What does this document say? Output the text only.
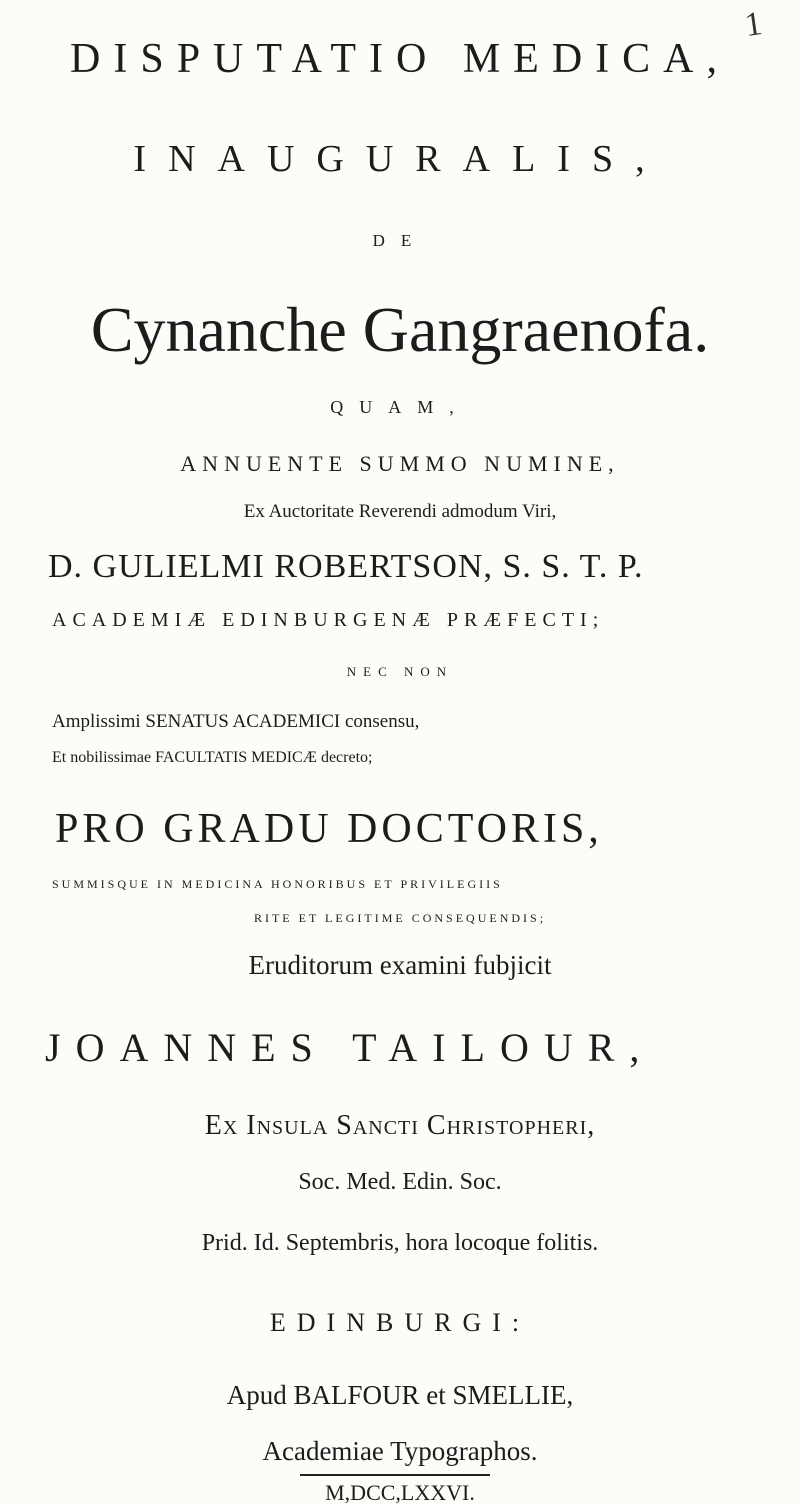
1
DISPUTATIO MEDICA,
INAUGURALIS,
DE
Cynanche Gangraenofa.
QUAM,
ANNUENTE SUMMO NUMINE,
Ex Auctoritate Reverendi admodum Viri,
D. GULIELMI ROBERTSON, S. S. T. P.
ACADEMIÆ EDINBURGENÆ PRÆFECTI;
NEC NON
Amplissimi SENATUS ACADEMICI consensu,
Et nobilissimae FACULTATIS MEDICÆ decreto;
PRO GRADU DOCTORIS,
SUMMISQUE IN MEDICINA HONORIBUS ET PRIVILEGIIS
RITE ET LEGITIME CONSEQUENDIS;
Eruditorum examini fubjicit
JOANNES TAILOUR,
Ex Insula Sancti Christopheri,
Soc. Med. Edin. Soc.
Prid. Id. Septembris, hora locoque folitis.
EDINBURGI:
Apud BALFOUR et SMELLIE,
Academiae Typographos.
M,DCC,LXXVI.
